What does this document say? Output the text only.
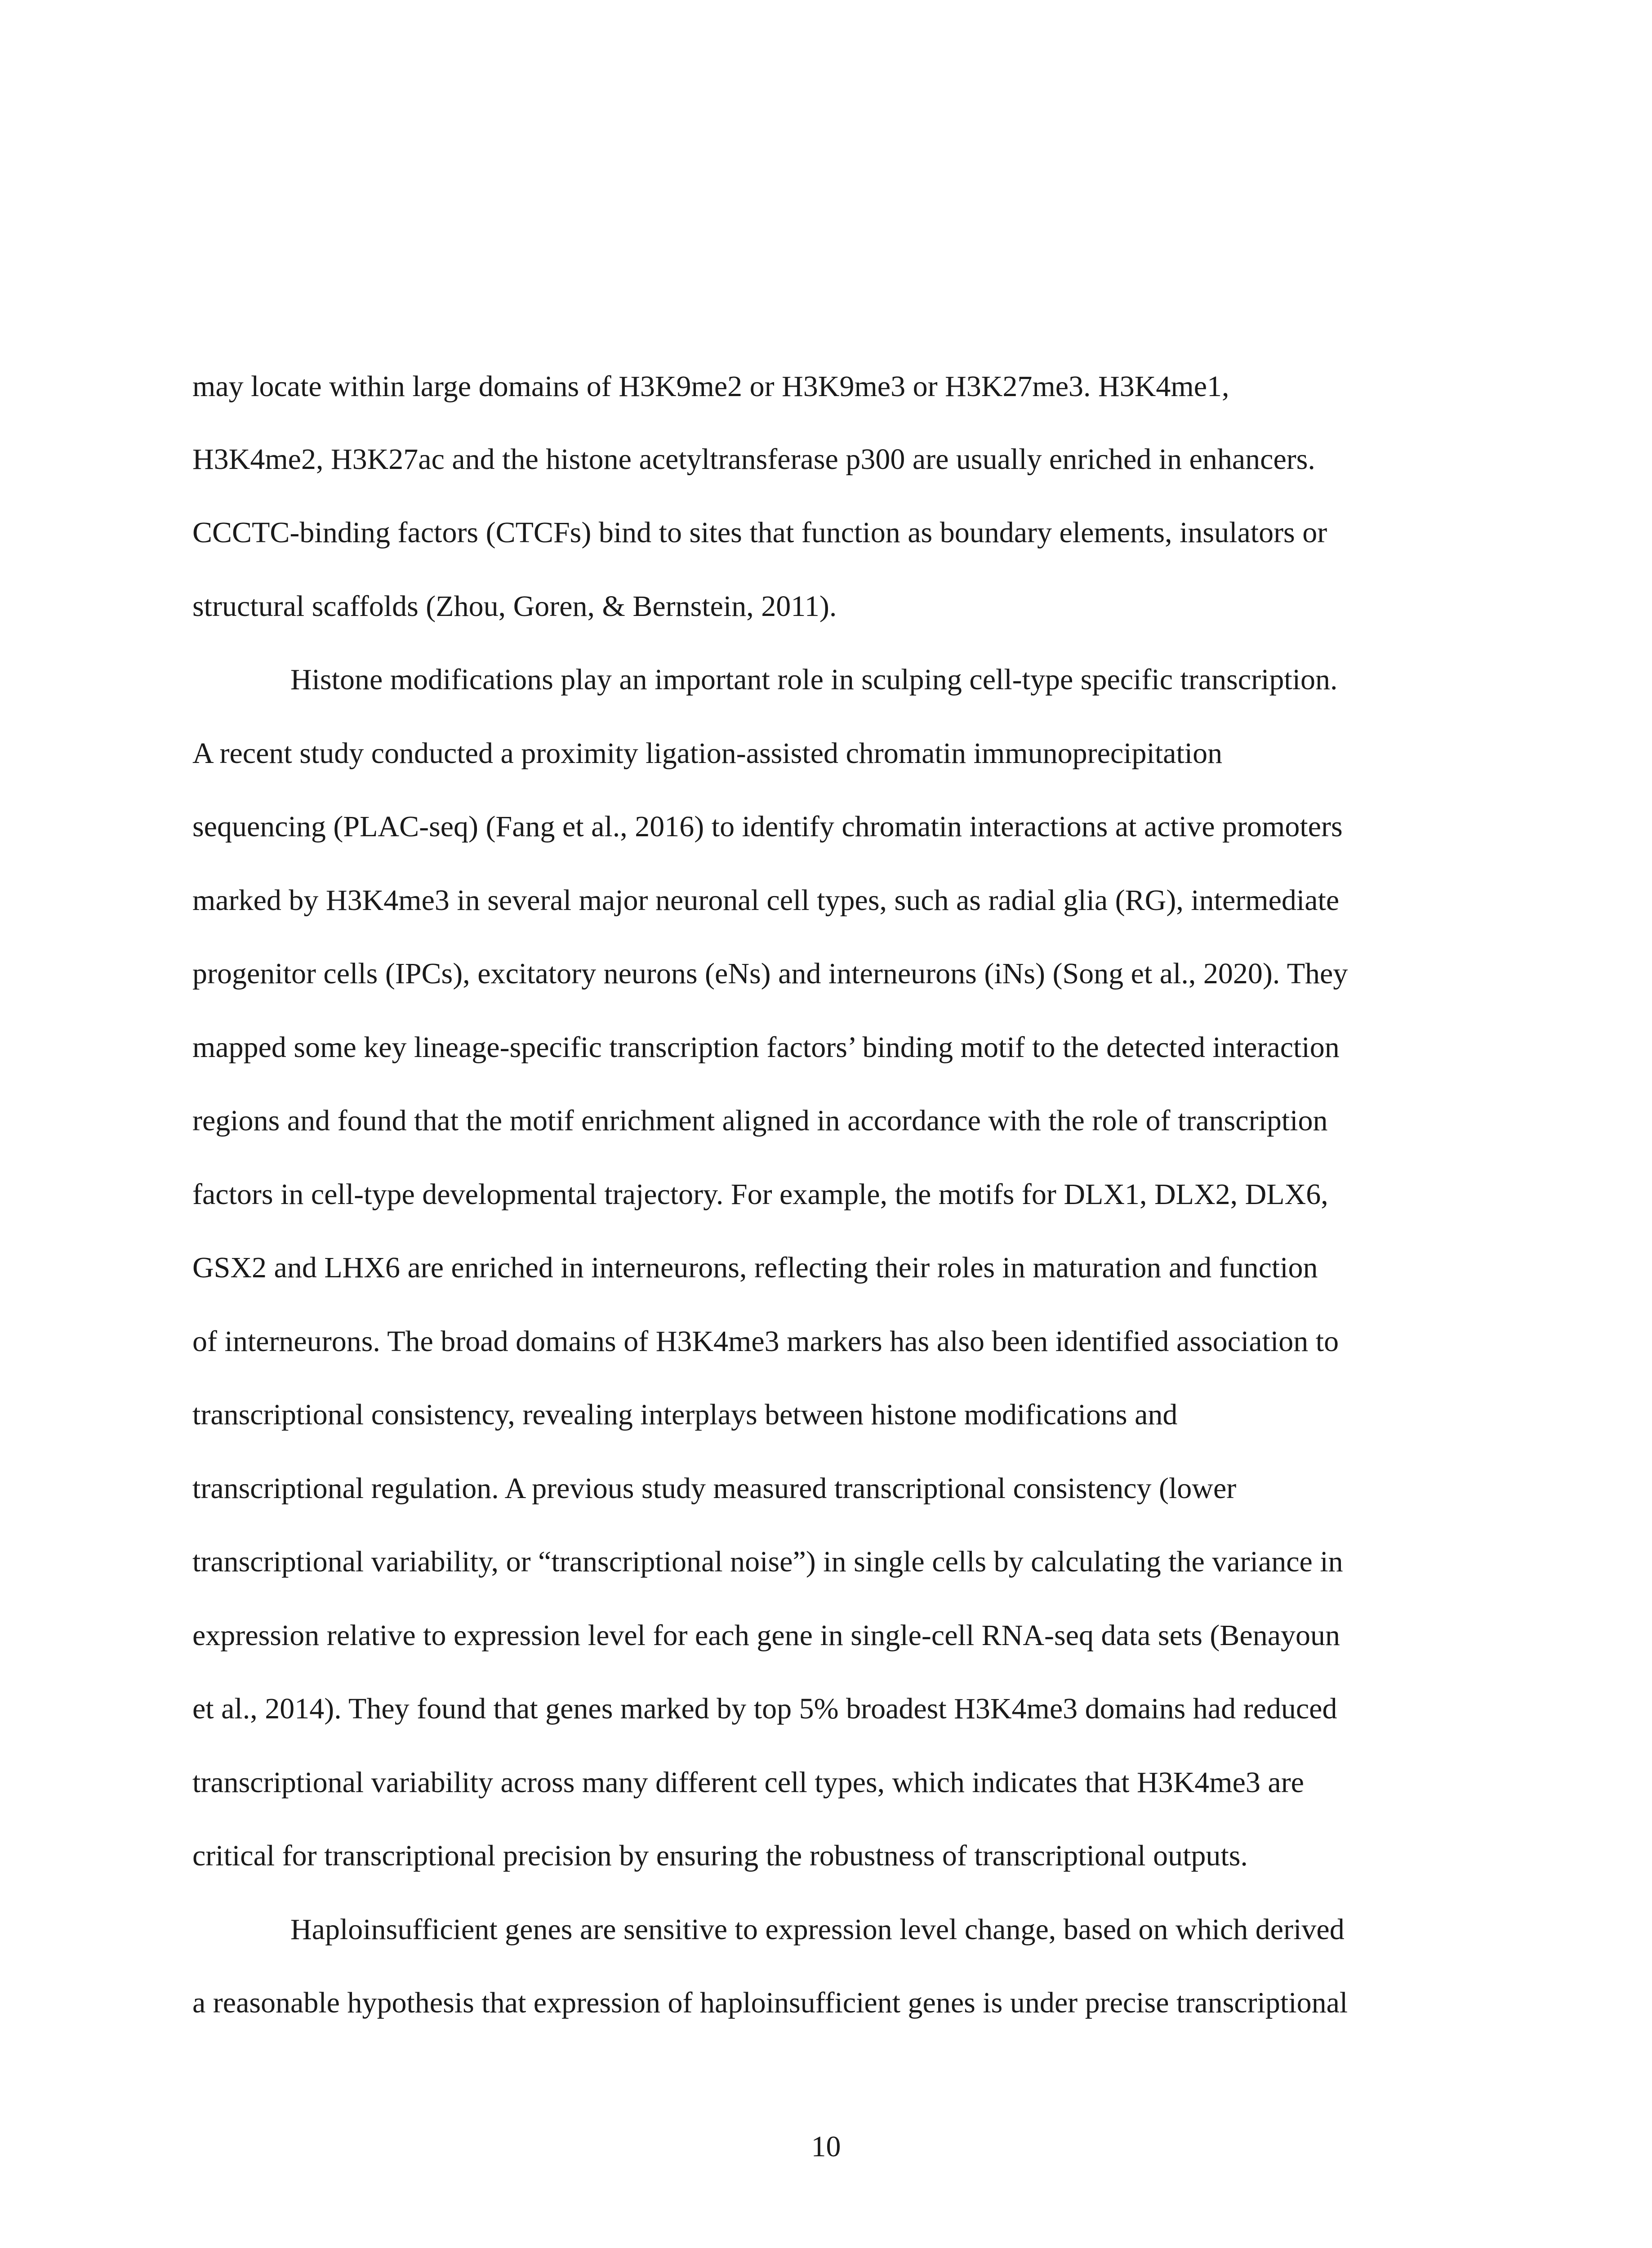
may locate within large domains of H3K9me2 or H3K9me3 or H3K27me3. H3K4me1,

H3K4me2, H3K27ac and the histone acetyltransferase p300 are usually enriched in enhancers.

CCCTC-binding factors (CTCFs) bind to sites that function as boundary elements, insulators or

structural scaffolds (Zhou, Goren, & Bernstein, 2011).

Histone modifications play an important role in sculping cell-type specific transcription.

A recent study conducted a proximity ligation-assisted chromatin immunoprecipitation

sequencing (PLAC-seq) (Fang et al., 2016) to identify chromatin interactions at active promoters

marked by H3K4me3 in several major neuronal cell types, such as radial glia (RG), intermediate

progenitor cells (IPCs), excitatory neurons (eNs) and interneurons (iNs) (Song et al., 2020). They

mapped some key lineage-specific transcription factors’ binding motif to the detected interaction

regions and found that the motif enrichment aligned in accordance with the role of transcription

factors in cell-type developmental trajectory. For example, the motifs for DLX1, DLX2, DLX6,

GSX2 and LHX6 are enriched in interneurons, reflecting their roles in maturation and function

of interneurons. The broad domains of H3K4me3 markers has also been identified association to

transcriptional consistency, revealing interplays between histone modifications and

transcriptional regulation. A previous study measured transcriptional consistency (lower

transcriptional variability, or “transcriptional noise”) in single cells by calculating the variance in

expression relative to expression level for each gene in single-cell RNA-seq data sets (Benayoun

et al., 2014). They found that genes marked by top 5% broadest H3K4me3 domains had reduced

transcriptional variability across many different cell types, which indicates that H3K4me3 are

critical for transcriptional precision by ensuring the robustness of transcriptional outputs.

Haploinsufficient genes are sensitive to expression level change, based on which derived

a reasonable hypothesis that expression of haploinsufficient genes is under precise transcriptional

10
